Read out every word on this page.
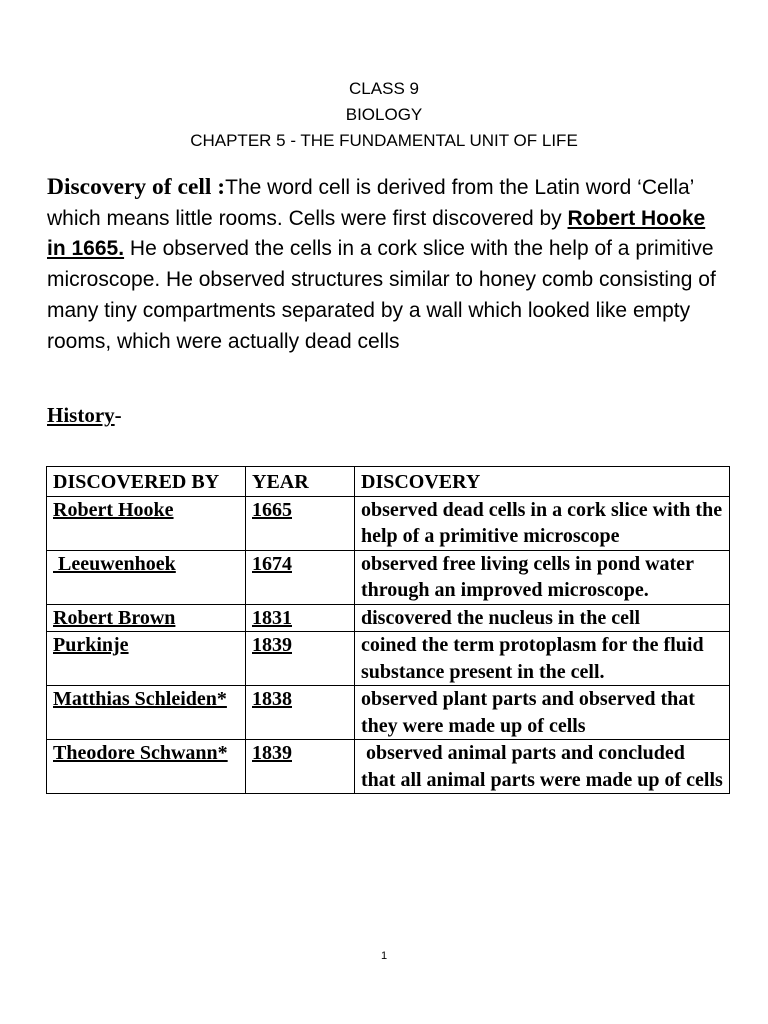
CLASS 9
BIOLOGY
CHAPTER 5 - THE FUNDAMENTAL UNIT OF LIFE
Discovery of cell :The word cell is derived from the Latin word ‘Cella’ which means little rooms. Cells were first discovered by Robert Hooke in 1665. He observed the cells in a cork slice with the help of a primitive microscope. He observed structures similar to honey comb consisting of many tiny compartments separated by a wall which looked like empty rooms, which were actually dead cells
History-
DISCOVERED BY	YEAR	DISCOVERY
Robert Hooke	1665	observed dead cells in a cork slice with the help of a primitive microscope
Leeuwenhoek	1674	observed free living cells in pond water through an improved microscope.
Robert Brown	1831	discovered the nucleus in the cell
Purkinje	1839	coined the term protoplasm for the fluid substance present in the cell.
Matthias Schleiden*	1838	observed plant parts and observed that they were made up of cells
Theodore Schwann*	1839	observed animal parts and concluded that all animal parts were made up of cells
1
